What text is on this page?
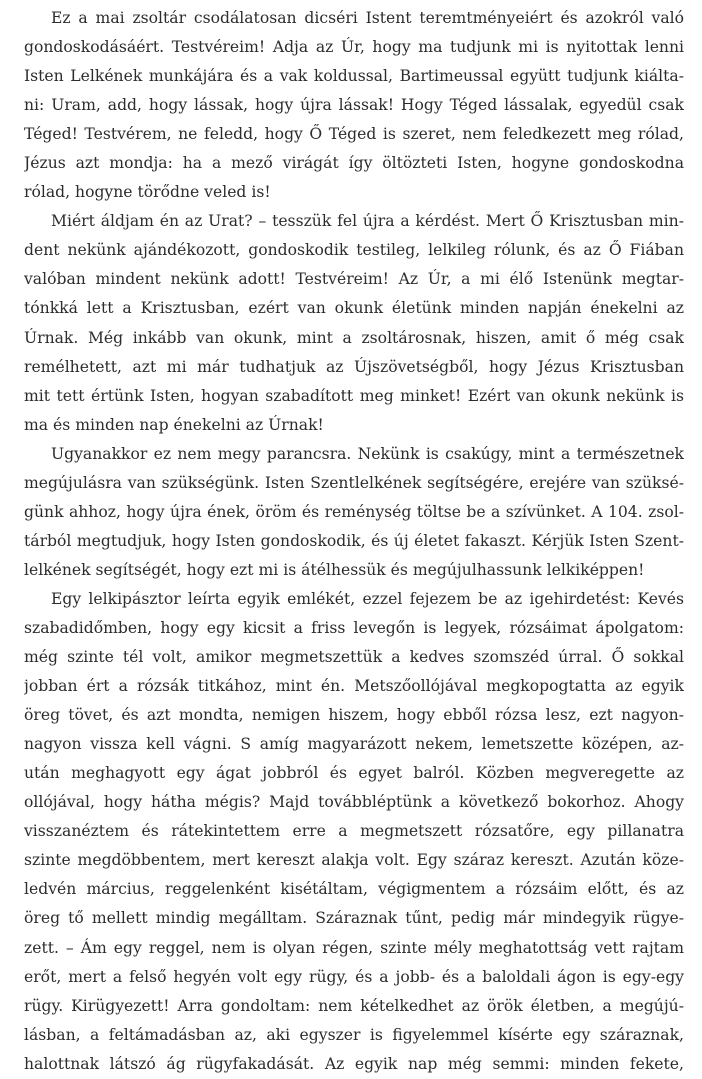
Ez a mai zsoltár csodálatosan dicséri Istent teremtményeiért és azokról való
gondoskodásáért. Testvéreim! Adja az Úr, hogy ma tudjunk mi is nyitottak lenni
Isten Lelkének munkájára és a vak koldussal, Bartimeussal együtt tudjunk kiálta-
ni: Uram, add, hogy lássak, hogy újra lássak! Hogy Téged lássalak, egyedül csak
Téged! Testvérem, ne feledd, hogy Ő Téged is szeret, nem feledkezett meg rólad,
Jézus azt mondja: ha a mező virágát így öltözteti Isten, hogyne gondoskodna
rólad, hogyne törődne veled is!
Miért áldjam én az Urat? – tesszük fel újra a kérdést. Mert Ő Krisztusban min-
dent nekünk ajándékozott, gondoskodik testileg, lelkileg rólunk, és az Ő Fiában
valóban mindent nekünk adott! Testvéreim! Az Úr, a mi élő Istenünk megtar-
tónkká lett a Krisztusban, ezért van okunk életünk minden napján énekelni az
Úrnak. Még inkább van okunk, mint a zsoltárosnak, hiszen, amit ő még csak
remélhetett, azt mi már tudhatjuk az Újszövetségből, hogy Jézus Krisztusban
mit tett értünk Isten, hogyan szabadított meg minket! Ezért van okunk nekünk is
ma és minden nap énekelni az Úrnak!
Ugyanakkor ez nem megy parancsra. Nekünk is csakúgy, mint a természetnek
megújulásra van szükségünk. Isten Szentlelkének segítségére, erejére van szüksé-
günk ahhoz, hogy újra ének, öröm és reménység töltse be a szívünket. A 104. zsol-
tárból megtudjuk, hogy Isten gondoskodik, és új életet fakaszt. Kérjük Isten Szent-
lelkének segítségét, hogy ezt mi is átélhessük és megújulhassunk lelkiképpen!
Egy lelkipásztor leírta egyik emlékét, ezzel fejezem be az igehirdetést: Kevés
szabadidőmben, hogy egy kicsit a friss levegőn is legyek, rózsáimat ápolgatom:
még szinte tél volt, amikor megmetszettük a kedves szomszéd úrral. Ő sokkal
jobban ért a rózsák titkához, mint én. Metszőollójával megkopogtatta az egyik
öreg tövet, és azt mondta, nemigen hiszem, hogy ebből rózsa lesz, ezt nagyon-
nagyon vissza kell vágni. S amíg magyarázott nekem, lemetszette középen, az-
után meghagyott egy ágat jobbról és egyet balról. Közben megveregette az
ollójával, hogy hátha mégis? Majd továbbléptünk a következő bokorhoz. Ahogy
visszanéztem és rátekintettem erre a megmetszett rózsatőre, egy pillanatra
szinte megdöbbentem, mert kereszt alakja volt. Egy száraz kereszt. Azután köze-
ledvén március, reggelenként kisétáltam, végigmentem a rózsáim előtt, és az
öreg tő mellett mindig megálltam. Száraznak tűnt, pedig már mindegyik rügye-
zett. – Ám egy reggel, nem is olyan régen, szinte mély meghatottság vett rajtam
erőt, mert a felső hegyén volt egy rügy, és a jobb- és a baloldali ágon is egy-egy
rügy. Kirügyezett! Arra gondoltam: nem kételkedhet az örök életben, a megújú-
lásban, a feltámadásban az, aki egyszer is figyelemmel kísérte egy száraznak,
halottnak látszó ág rügyfakadását. Az egyik nap még semmi: minden fekete,
